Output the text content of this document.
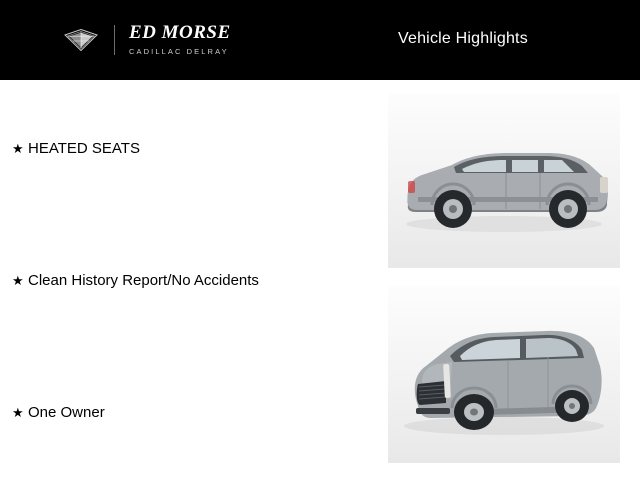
ED MORSE
CADILLAC DELRAY
Vehicle Highlights
★ HEATED SEATS
★ Clean History Report/No Accidents
★ One Owner
